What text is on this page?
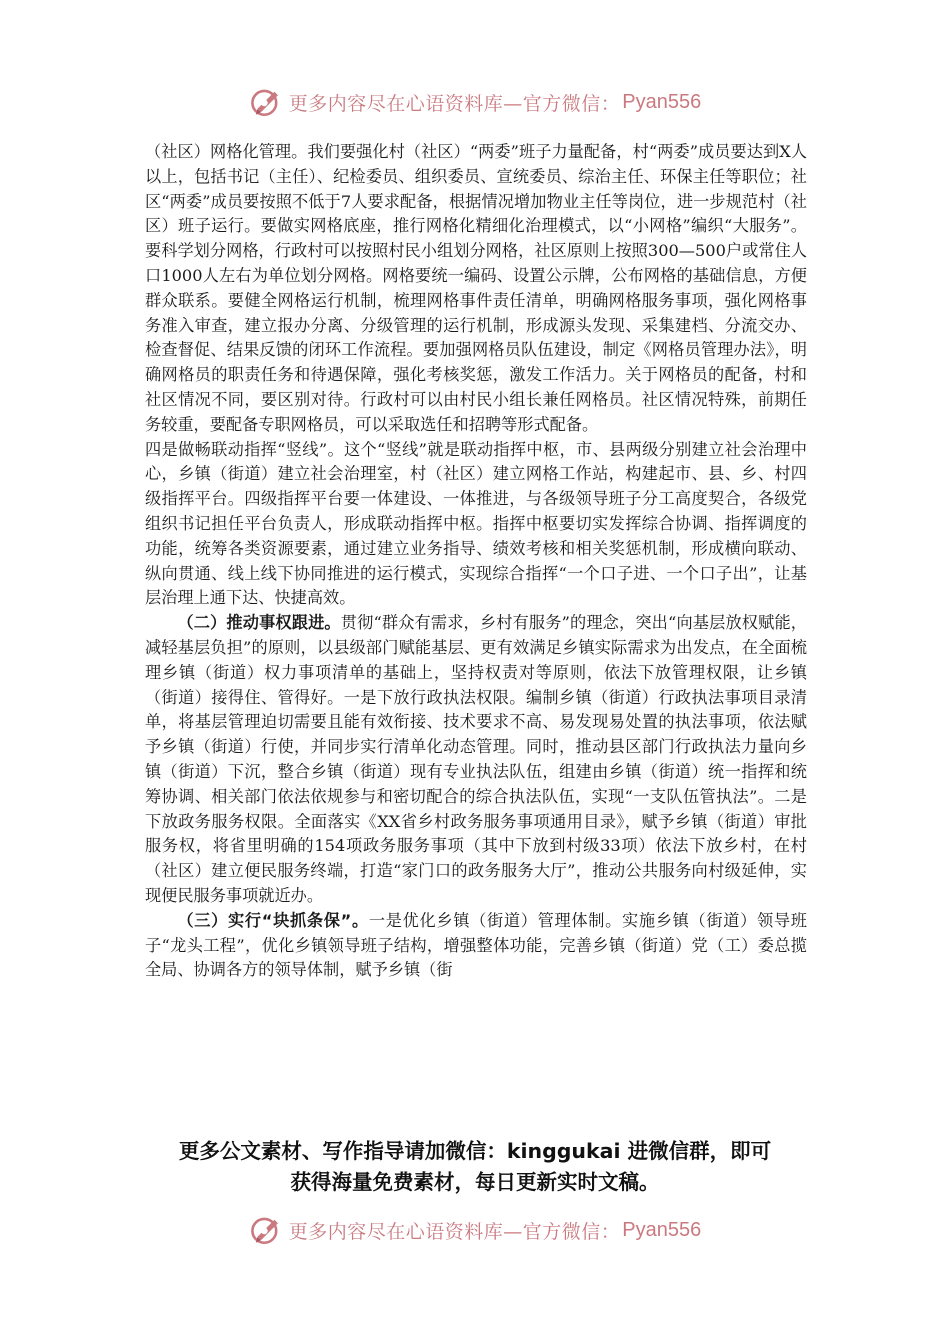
更多内容尽在心语资料库—官方微信： Pyan556

（社区）网格化管理。我们要强化村（社区）“两委”班子力量配备，村“两委”成员要达到X人以上，包括书记（主任）、纪检委员、组织委员、宣统委员、综治主任、环保主任等职位；社区“两委”成员要按照不低于7人要求配备，根据情况增加物业主任等岗位，进一步规范村（社区）班子运行。要做实网格底座，推行网格化精细化治理模式，以“小网格”编织“大服务”。要科学划分网格，行政村可以按照村民小组划分网格，社区原则上按照300—500户或常住人口1000人左右为单位划分网格。网格要统一编码、设置公示牌，公布网格的基础信息，方便群众联系。要健全网格运行机制，梳理网格事件责任清单，明确网格服务事项，强化网格事务准入审查，建立报办分离、分级管理的运行机制，形成源头发现、采集建档、分流交办、检查督促、结果反馈的闭环工作流程。要加强网格员队伍建设，制定《网格员管理办法》，明确网格员的职责任务和待遇保障，强化考核奖惩，激发工作活力。关于网格员的配备，村和社区情况不同，要区别对待。行政村可以由村民小组长兼任网格员。社区情况特殊，前期任务较重，要配备专职网格员，可以采取选任和招聘等形式配备。

四是做畅联动指挥“竖线”。这个“竖线”就是联动指挥中枢，市、县两级分别建立社会治理中心，乡镇（街道）建立社会治理室，村（社区）建立网格工作站，构建起市、县、乡、村四级指挥平台。四级指挥平台要一体建设、一体推进，与各级领导班子分工高度契合，各级党组织书记担任平台负责人，形成联动指挥中枢。指挥中枢要切实发挥综合协调、指挥调度的功能，统筹各类资源要素，通过建立业务指导、绩效考核和相关奖惩机制，形成横向联动、纵向贯通、线上线下协同推进的运行模式，实现综合指挥“一个口子进、一个口子出”，让基层治理上通下达、快捷高效。

（二）推动事权跟进。贯彻“群众有需求，乡村有服务”的理念，突出“向基层放权赋能，减轻基层负担”的原则，以县级部门赋能基层、更有效满足乡镇实际需求为出发点，在全面梳理乡镇（街道）权力事项清单的基础上，坚持权责对等原则，依法下放管理权限，让乡镇（街道）接得住、管得好。一是下放行政执法权限。编制乡镇（街道）行政执法事项目录清单，将基层管理迫切需要且能有效衔接、技术要求不高、易发现易处置的执法事项，依法赋予乡镇（街道）行使，并同步实行清单化动态管理。同时，推动县区部门行政执法力量向乡镇（街道）下沉，整合乡镇（街道）现有专业执法队伍，组建由乡镇（街道）统一指挥和统筹协调、相关部门依法依规参与和密切配合的综合执法队伍，实现“一支队伍管执法”。二是下放政务服务权限。全面落实《XX省乡村政务服务事项通用目录》，赋予乡镇（街道）审批服务权，将省里明确的154项政务服务事项（其中下放到村级33项）依法下放乡村，在村（社区）建立便民服务终端，打造“家门口的政务服务大厅”，推动公共服务向村级延伸，实现便民服务事项就近办。

（三）实行“块抓条保”。一是优化乡镇（街道）管理体制。实施乡镇（街道）领导班子“龙头工程”，优化乡镇领导班子结构，增强整体功能，完善乡镇（街道）党（工）委总揽全局、协调各方的领导体制，赋予乡镇（街

更多公文素材、写作指导请加微信：kinggukai 进微信群，即可
获得海量免费素材，每日更新实时文稿。
更多内容尽在心语资料库—官方微信： Pyan556
